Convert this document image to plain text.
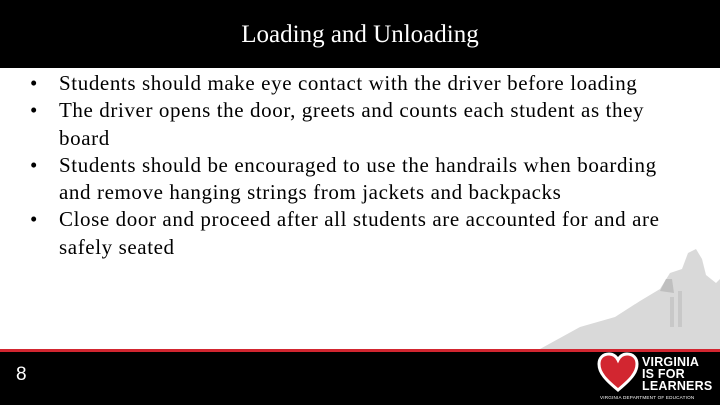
Loading and Unloading
• Students should make eye contact with the driver before loading
• The driver opens the door, greets and counts each student as they board
• Students should be encouraged to use the handrails when boarding and remove hanging strings from jackets and backpacks
• Close door and proceed after all students are accounted for and are safely seated
8
VIRGINIA
IS FOR
LEARNERS
VIRGINIA DEPARTMENT OF EDUCATION
